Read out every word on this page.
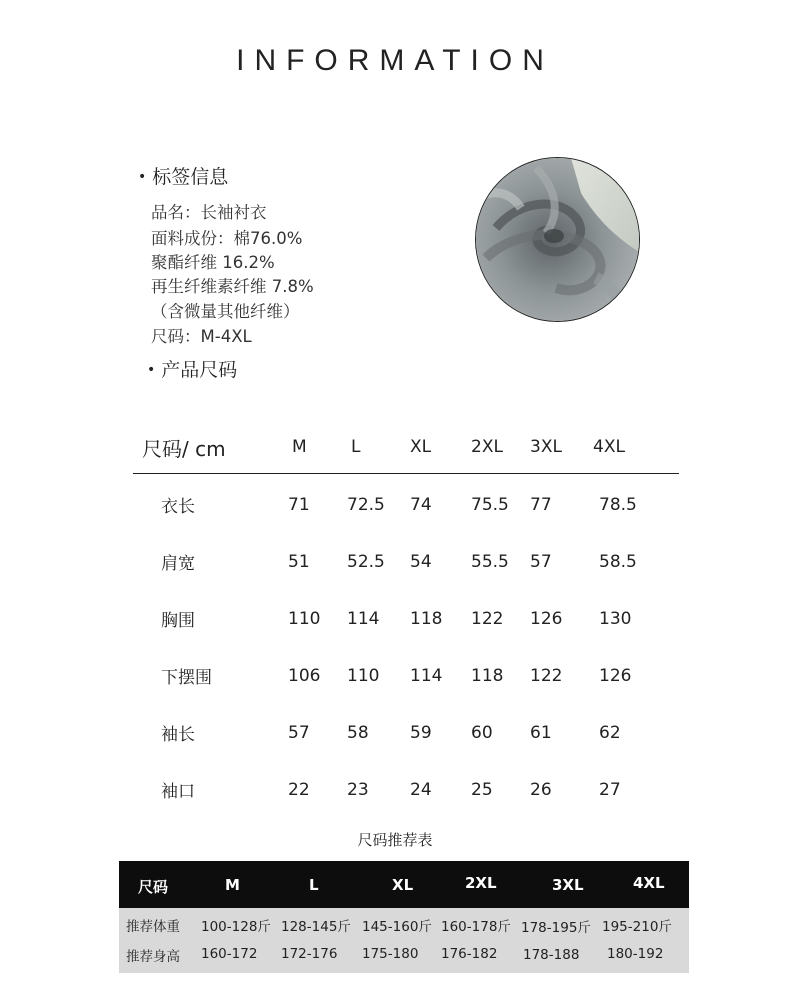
INFORMATION
• 标签信息
品名：长袖衬衣
面料成份：棉76.0%
聚酯纤维 16.2%
再生纤维素纤维 7.8%
（含微量其他纤维）
尺码：M-4XL
• 产品尺码
尺码/ cm	M	L	XL 2XL 3XL 4XL
衣长	71 72.5 74 75.5 77	78.5
肩宽	51 52.5 54 55.5 57	58.5
胸围	110 114 118 122 126 130
下摆围	106 110 114 118 122 126
袖长	57 58 59 60 61	62
袖口	22 23 24 25 26	27
尺码推荐表
尺码	M	L	XL	2XL	3XL	4XL
推荐体重 100-128斤 128-145斤 145-160斤 160-178斤 178-195斤 195-210斤
推荐身高 160-172 172-176 175-180 176-182 178-188 180-192
